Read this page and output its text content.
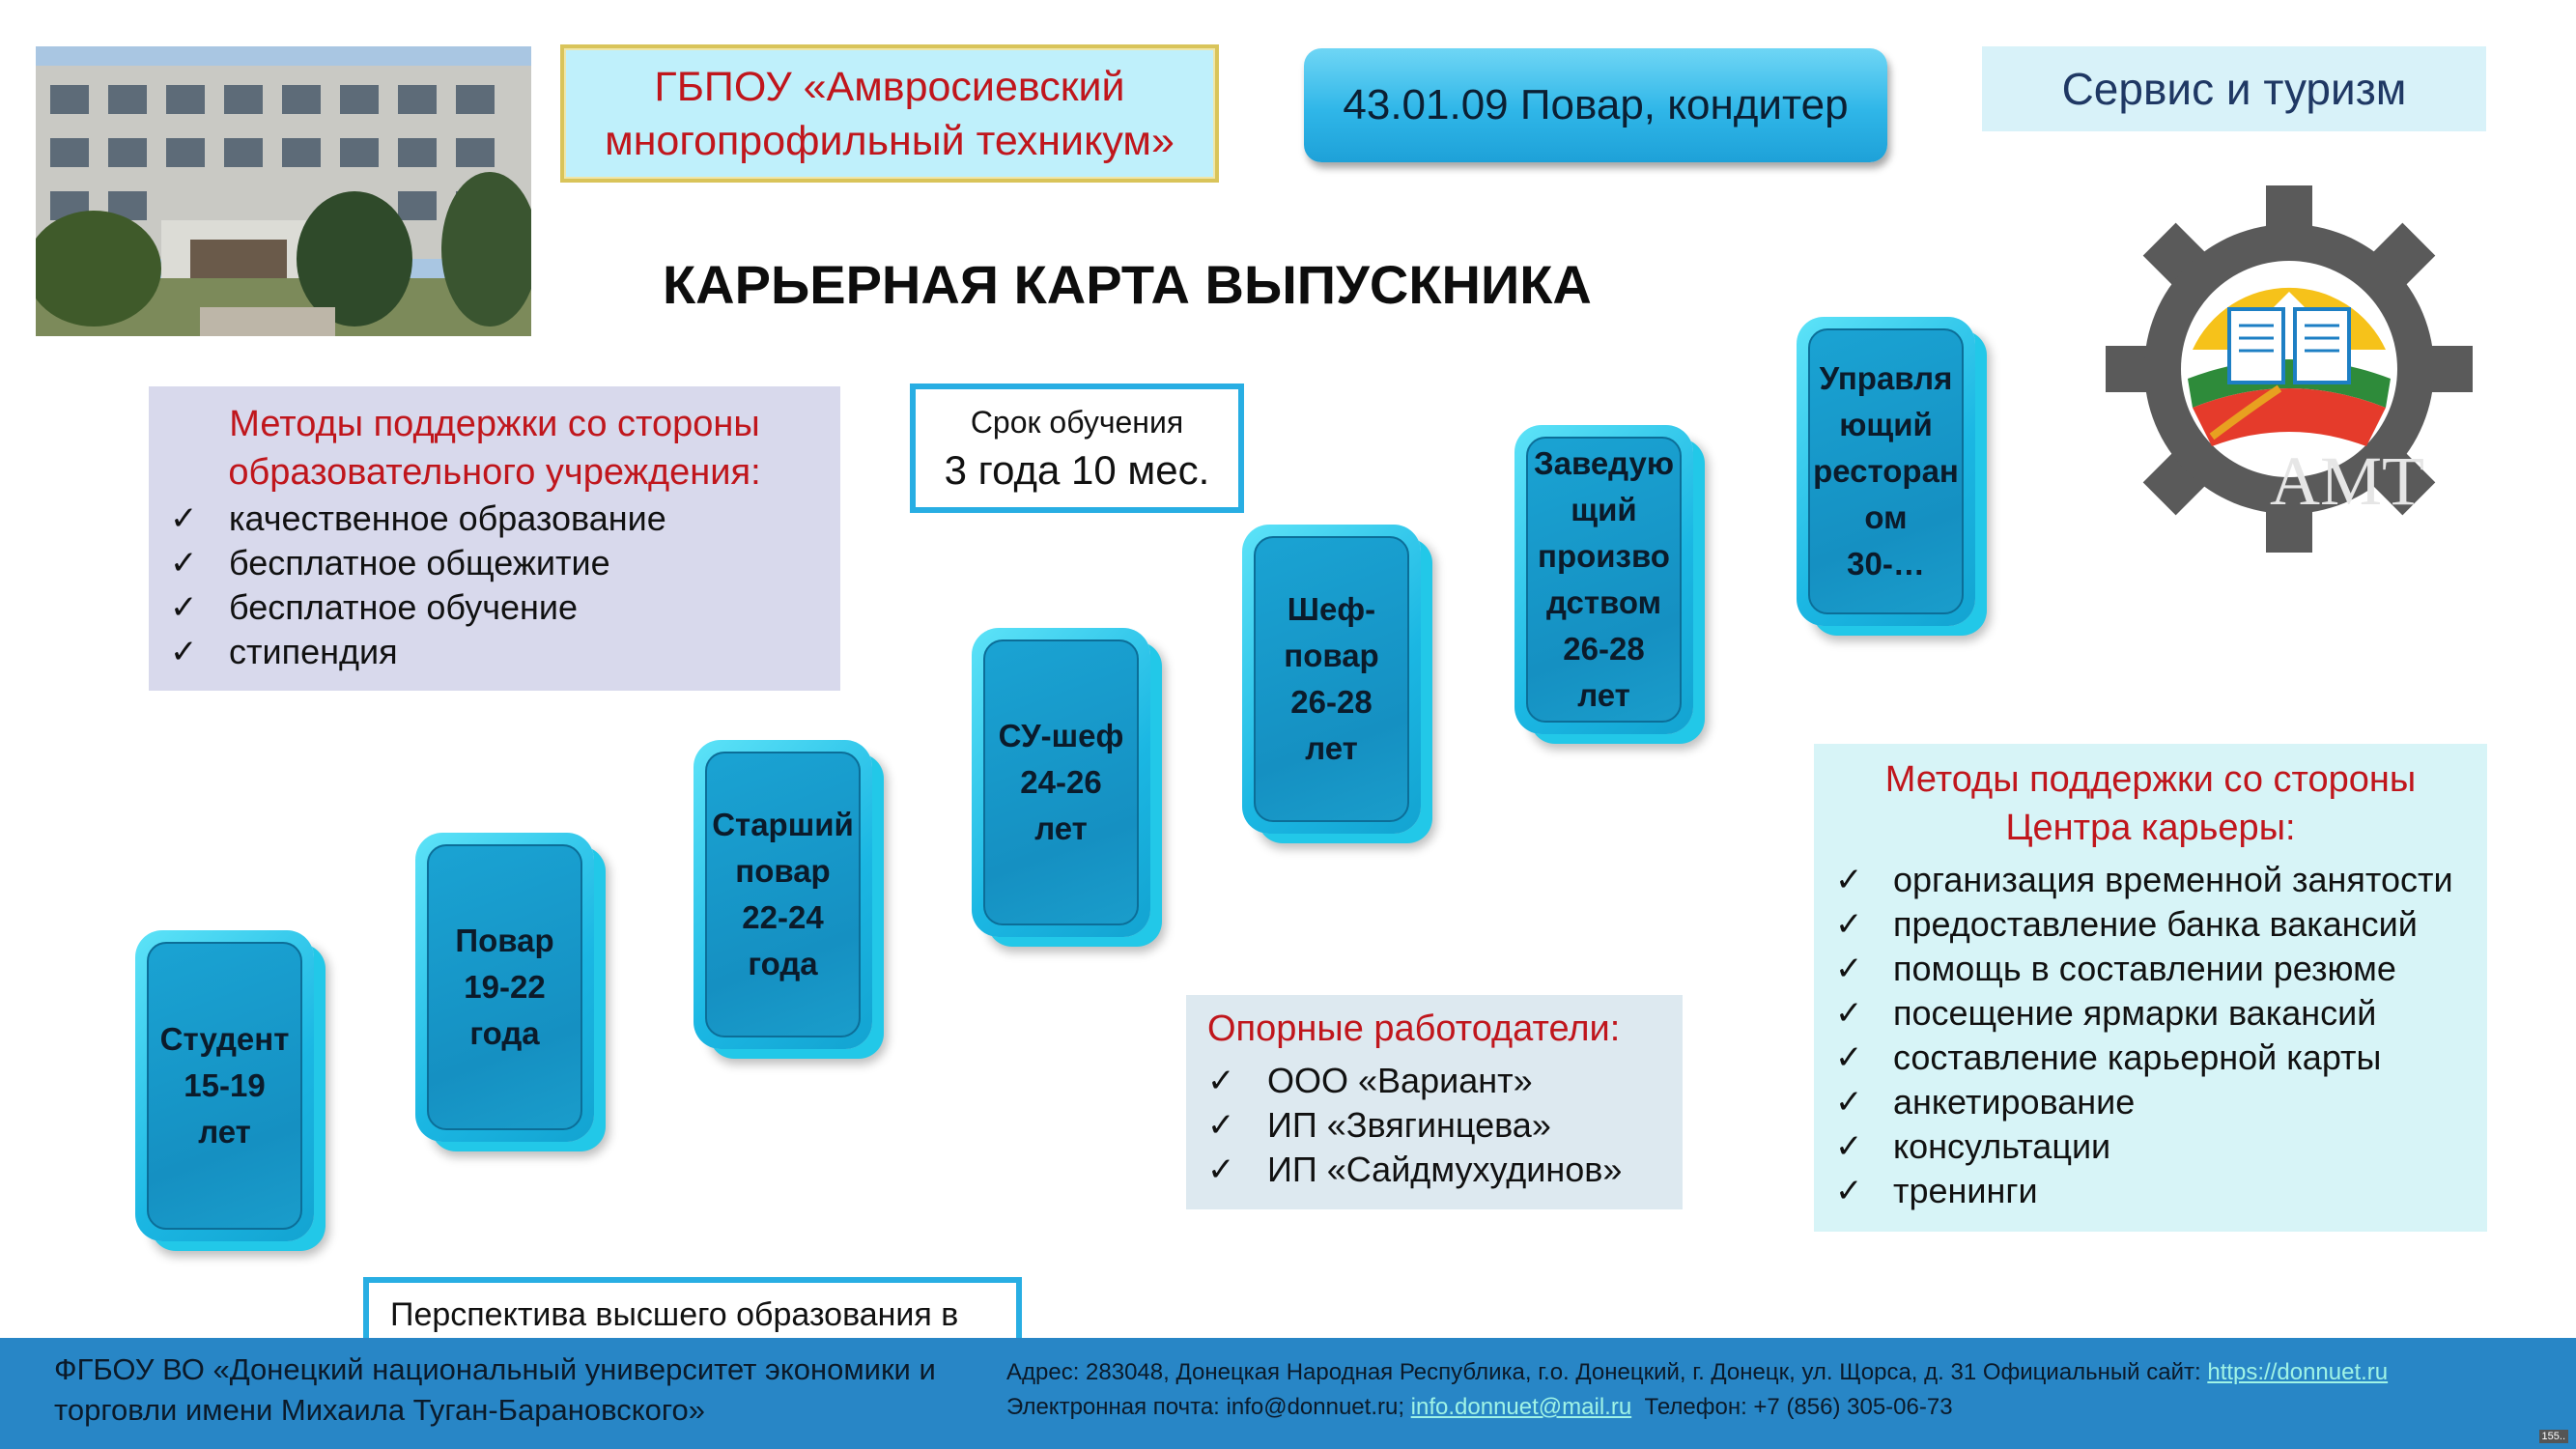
ГБПОУ «Амвросиевский
многопрофильный техникум»
43.01.09 Повар, кондитер	Сервис и туризм
КАРЬЕРНАЯ КАРТА ВЫПУСКНИКА
АМТ
Методы поддержки со стороны
образовательного учреждения:
✓ качественное образование
✓ бесплатное общежитие
✓ бесплатное обучение
✓ стипендия
Срок обучения
3 года 10 мес.
Студент
15-19
лет
Повар
19-22
года
Старший
повар
22-24
года
СУ-шеф
24-26
лет
Шеф-
повар
26-28
лет
Заведую
щий
произво
дством
26-28
лет
Управля
ющий
ресторан
ом
30-…
Опорные работодатели:
✓ ООО «Вариант»
✓ ИП «Звягинцева»
✓ ИП «Сайдмухудинов»
Методы поддержки со стороны
Центра карьеры:
✓ организация временной занятости
✓ предоставление банка вакансий
✓ помощь в составлении резюме
✓ посещение ярмарки вакансий
✓ составление карьерной карты
✓ анкетирование
✓ консультации
✓ тренинги
Перспектива высшего образования в
ФГБОУ ВО «Донецкий национальный университет экономики и
торговли имени Михаила Туган-Барановского»
Адрес: 283048, Донецкая Народная Республика, г.о. Донецкий, г. Донецк, ул. Щорса, д. 31 Официальный сайт: https://donnuet.ru
Электронная почта: info@donnuet.ru; info.donnuet@mail.ru  Телефон: +7 (856) 305-06-73
155..
